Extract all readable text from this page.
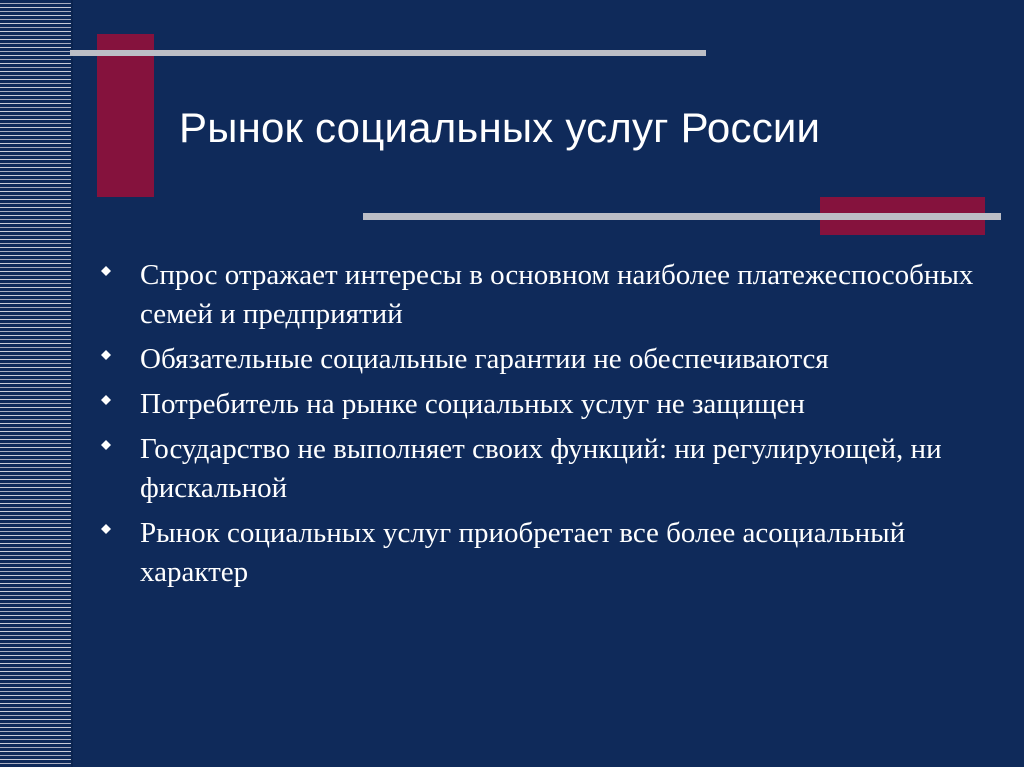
Рынок социальных услуг России
Спрос отражает интересы в основном наиболее платежеспособных семей и предприятий
Обязательные социальные гарантии не обеспечиваются
Потребитель на рынке социальных услуг не защищен
Государство не выполняет своих функций: ни регулирующей, ни фискальной
Рынок социальных услуг приобретает все более асоциальный характер
